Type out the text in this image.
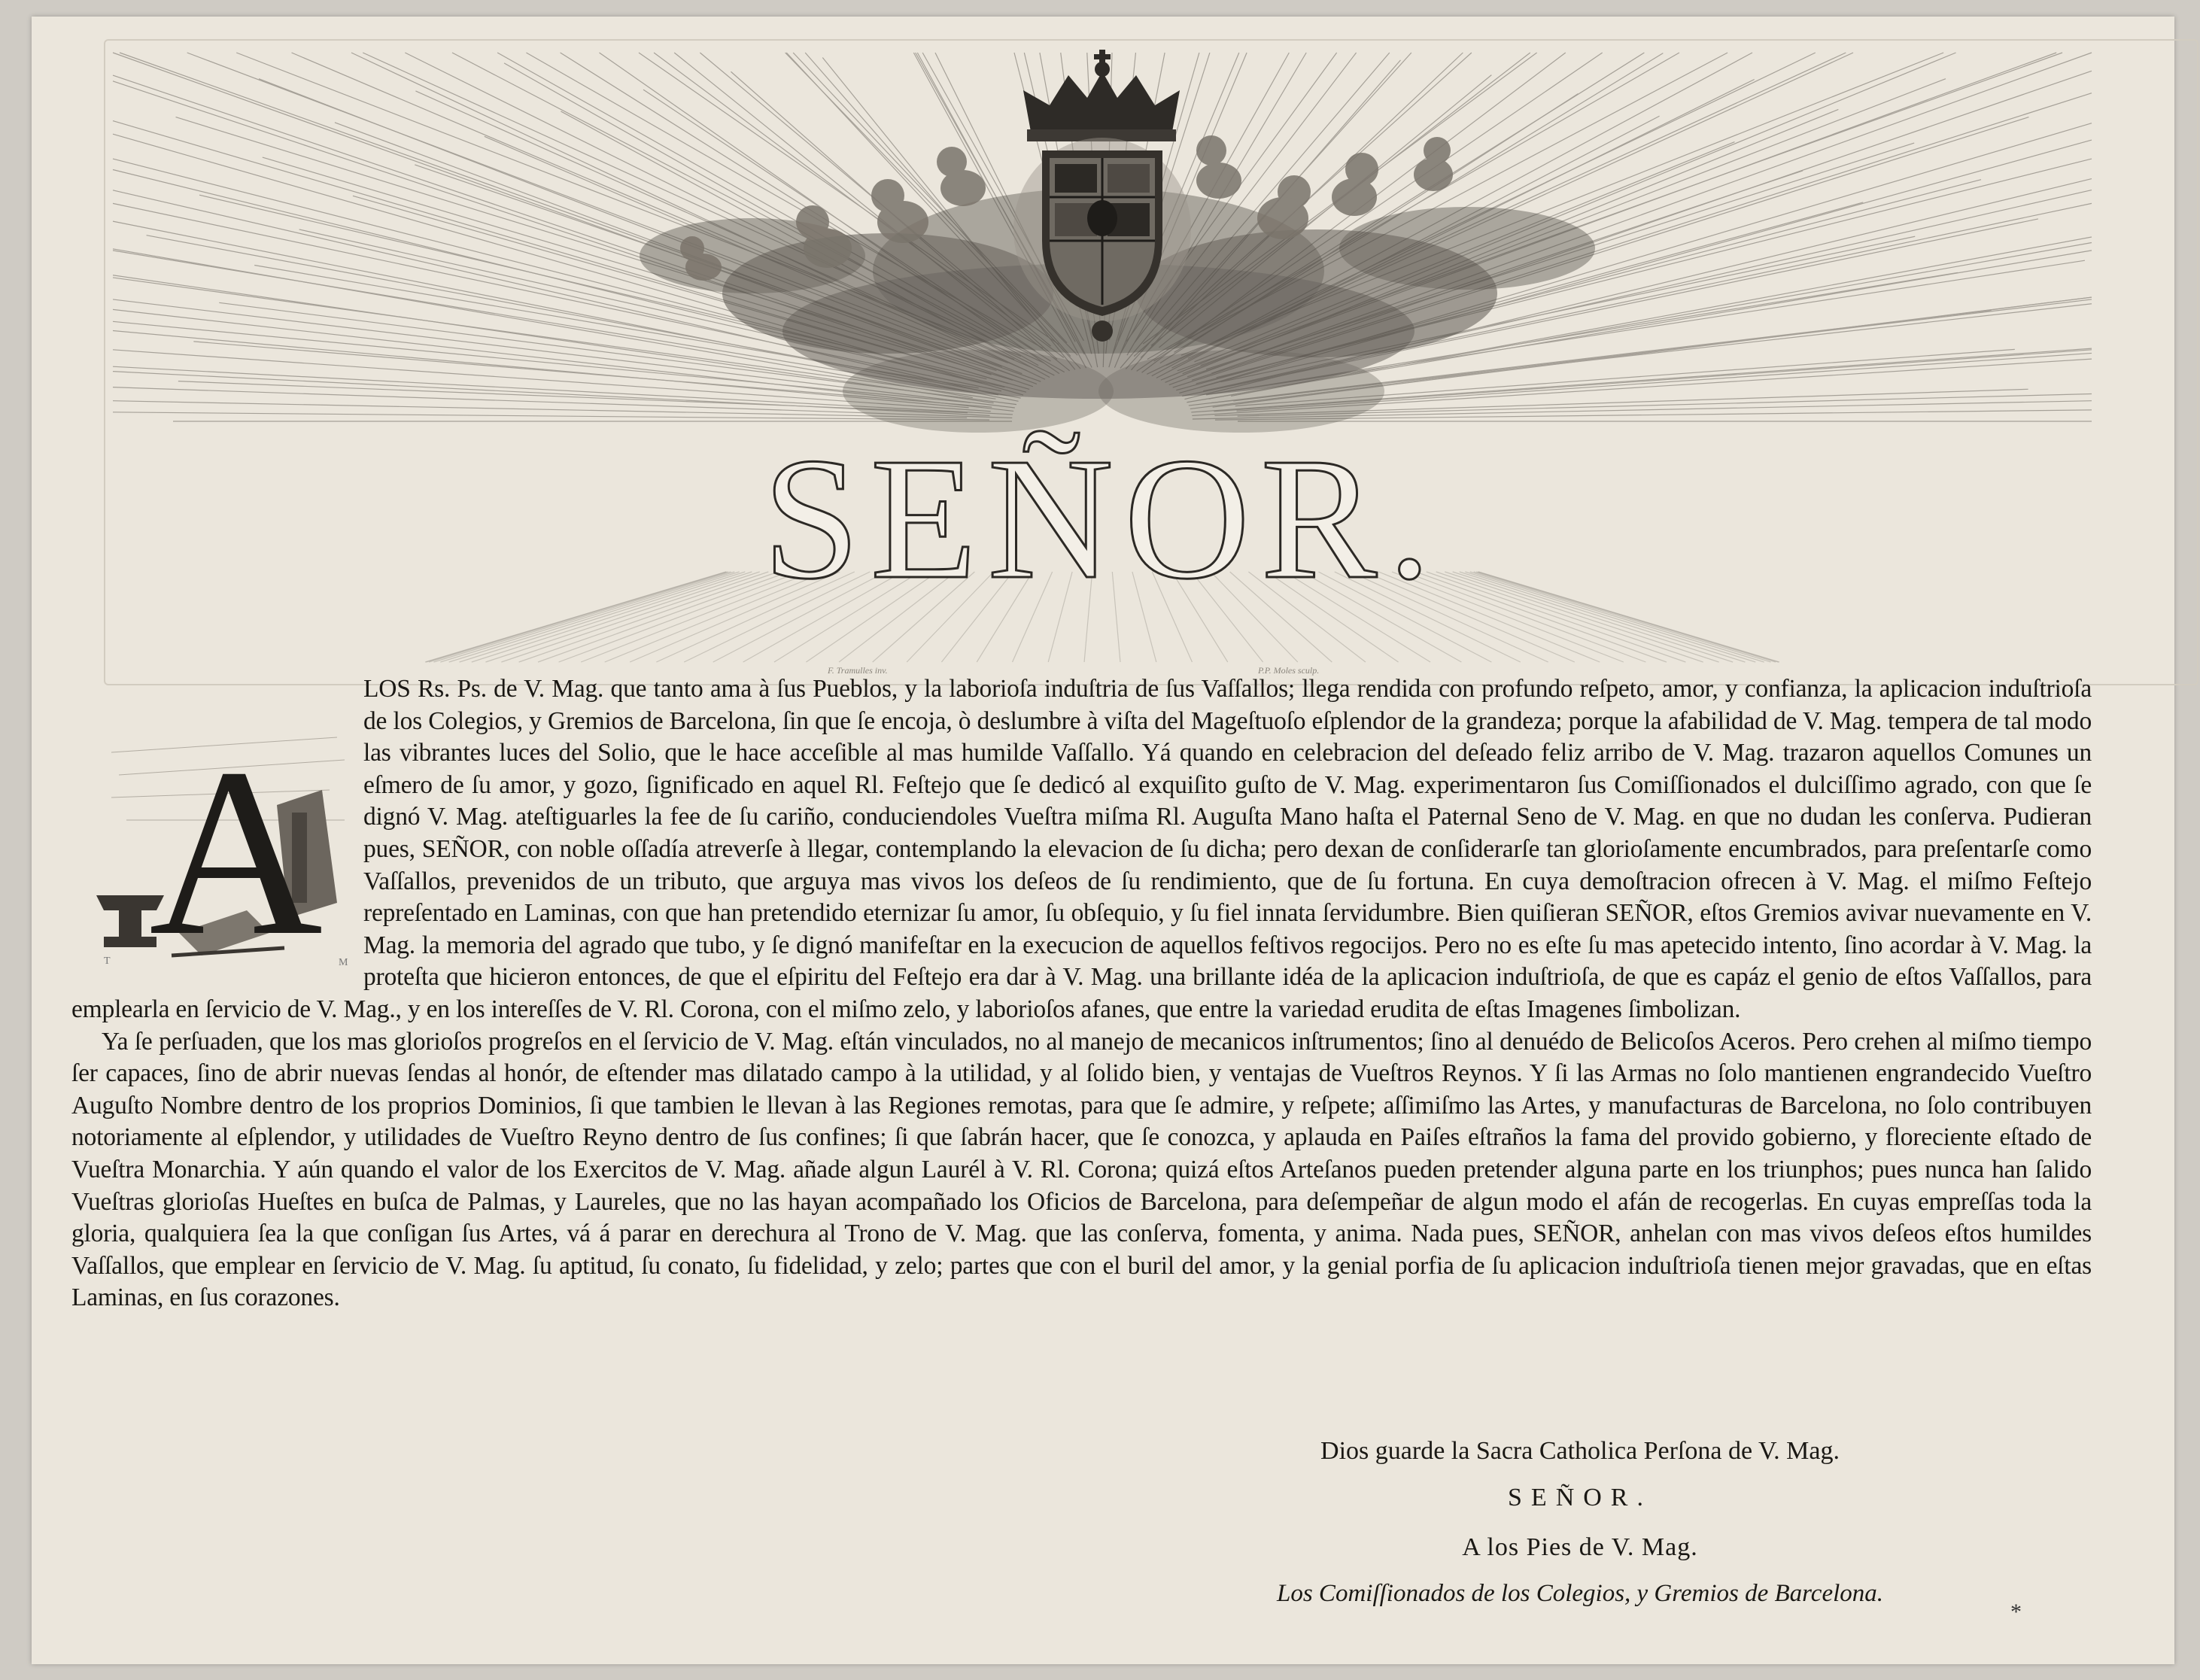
SEÑOR.
F. Tramulles inv.	P.P. Moles sculp.
A
T	M

LOS Rs. Ps. de V. Mag. que tanto ama à ſus Pueblos, y la laborioſa induſtria de ſus Vaſſallos; llega rendida con profundo reſpeto, amor, y confianza, la aplicacion induſtrioſa de los Colegios, y Gremios de Barcelona, ſin que ſe encoja, ò deslumbre à viſta del Mageſtuoſo eſplendor de la grandeza; porque la afabilidad de V. Mag. tempera de tal modo las vibrantes luces del Solio, que le hace acceſible al mas humilde Vaſſallo. Yá quando en celebracion del deſeado feliz arribo de V. Mag. trazaron aquellos Comunes un eſmero de ſu amor, y gozo, ſignificado en aquel Rl. Feſtejo que ſe dedicó al exquiſito guſto de V. Mag. experimentaron ſus Comiſſionados el dulciſſimo agrado, con que ſe dignó V. Mag. ateſtiguarles la fee de ſu cariño, conduciendoles Vueſtra miſma Rl. Auguſta Mano haſta el Paternal Seno de V. Mag. en que no dudan les conſerva. Pudieran pues, SEÑOR, con noble oſſadía atreverſe à llegar, contemplando la elevacion de ſu dicha; pero dexan de conſiderarſe tan glorioſamente encumbrados, para preſentarſe como Vaſſallos, prevenidos de un tributo, que arguya mas vivos los deſeos de ſu rendimiento, que de ſu fortuna. En cuya demoſtracion ofrecen à V. Mag. el miſmo Feſtejo repreſentado en Laminas, con que han pretendido eternizar ſu amor, ſu obſequio, y ſu fiel innata ſervidumbre. Bien quiſieran SEÑOR, eſtos Gremios avivar nuevamente en V. Mag. la memoria del agrado que tubo, y ſe dignó manifeſtar en la execucion de aquellos feſtivos regocijos. Pero no es eſte ſu mas apetecido intento, ſino acordar à V. Mag. la proteſta que hicieron entonces, de que el eſpiritu del Feſtejo era dar à V. Mag. una brillante idéa de la aplicacion induſtrioſa, de que es capáz el genio de eſtos Vaſſallos, para emplearla en ſervicio de V. Mag., y en los intereſſes de V. Rl. Corona, con el miſmo zelo, y laborioſos afanes, que entre la variedad erudita de eſtas Imagenes ſimbolizan.

Ya ſe perſuaden, que los mas glorioſos progreſos en el ſervicio de V. Mag. eſtán vinculados, no al manejo de mecanicos inſtrumentos; ſino al denuédo de Belicoſos Aceros. Pero crehen al miſmo tiempo ſer capaces, ſino de abrir nuevas ſendas al honór, de eſtender mas dilatado campo à la utilidad, y al ſolido bien, y ventajas de Vueſtros Reynos. Y ſi las Armas no ſolo mantienen engrandecido Vueſtro Auguſto Nombre dentro de los proprios Dominios, ſi que tambien le llevan à las Regiones remotas, para que ſe admire, y reſpete; aſſimiſmo las Artes, y manufacturas de Barcelona, no ſolo contribuyen notoriamente al eſplendor, y utilidades de Vueſtro Reyno dentro de ſus confines; ſi que ſabrán hacer, que ſe conozca, y aplauda en Paiſes eſtraños la fama del provido gobierno, y floreciente eſtado de Vueſtra Monarchia. Y aún quando el valor de los Exercitos de V. Mag. añade algun Laurél à V. Rl. Corona; quizá eſtos Arteſanos pueden pretender alguna parte en los triunphos; pues nunca han ſalido Vueſtras glorioſas Hueſtes en buſca de Palmas, y Laureles, que no las hayan acompañado los Oficios de Barcelona, para deſempeñar de algun modo el afán de recogerlas. En cuyas empreſſas toda la gloria, qualquiera ſea la que conſigan ſus Artes, vá á parar en derechura al Trono de V. Mag. que las conſerva, fomenta, y anima. Nada pues, SEÑOR, anhelan con mas vivos deſeos eſtos humildes Vaſſallos, que emplear en ſervicio de V. Mag. ſu aptitud, ſu conato, ſu fidelidad, y zelo; partes que con el buril del amor, y la genial porfia de ſu aplicacion induſtrioſa tienen mejor gravadas, que en eſtas Laminas, en ſus corazones.

Dios guarde la Sacra Catholica Perſona de V. Mag.
SEÑOR.
A los Pies de V. Mag.
Los Comiſſionados de los Colegios, y Gremios de Barcelona.
*
